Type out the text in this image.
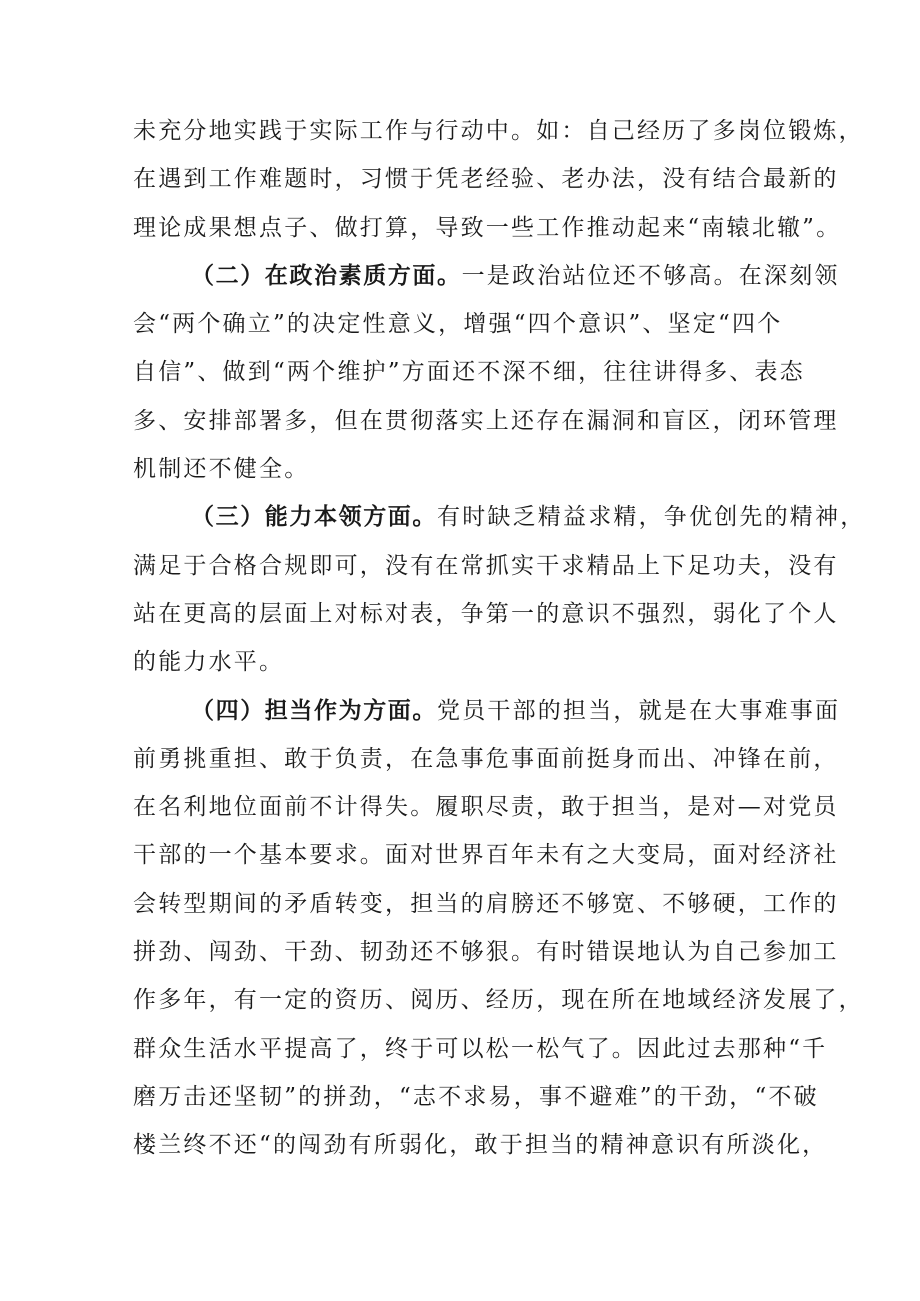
未充分地实践于实际工作与行动中。如：自己经历了多岗位锻炼，
在遇到工作难题时，习惯于凭老经验、老办法，没有结合最新的
理论成果想点子、做打算，导致一些工作推动起来“南辕北辙”。
（二）在政治素质方面。一是政治站位还不够高。在深刻领
会“两个确立”的决定性意义，增强“四个意识”、坚定“四个
自信”、做到“两个维护”方面还不深不细，往往讲得多、表态
多、安排部署多，但在贯彻落实上还存在漏洞和盲区，闭环管理
机制还不健全。
（三）能力本领方面。有时缺乏精益求精，争优创先的精神，
满足于合格合规即可，没有在常抓实干求精品上下足功夫，没有
站在更高的层面上对标对表，争第一的意识不强烈，弱化了个人
的能力水平。
（四）担当作为方面。党员干部的担当，就是在大事难事面
前勇挑重担、敢于负责，在急事危事面前挺身而出、冲锋在前，
在名利地位面前不计得失。履职尽责，敢于担当，是对—对党员
干部的一个基本要求。面对世界百年未有之大变局，面对经济社
会转型期间的矛盾转变，担当的肩膀还不够宽、不够硬，工作的
拼劲、闯劲、干劲、韧劲还不够狠。有时错误地认为自己参加工
作多年，有一定的资历、阅历、经历，现在所在地域经济发展了，
群众生活水平提高了，终于可以松一松气了。因此过去那种“千
磨万击还坚韧”的拼劲，“志不求易，事不避难”的干劲，“不破
楼兰终不还“的闯劲有所弱化，敢于担当的精神意识有所淡化，
